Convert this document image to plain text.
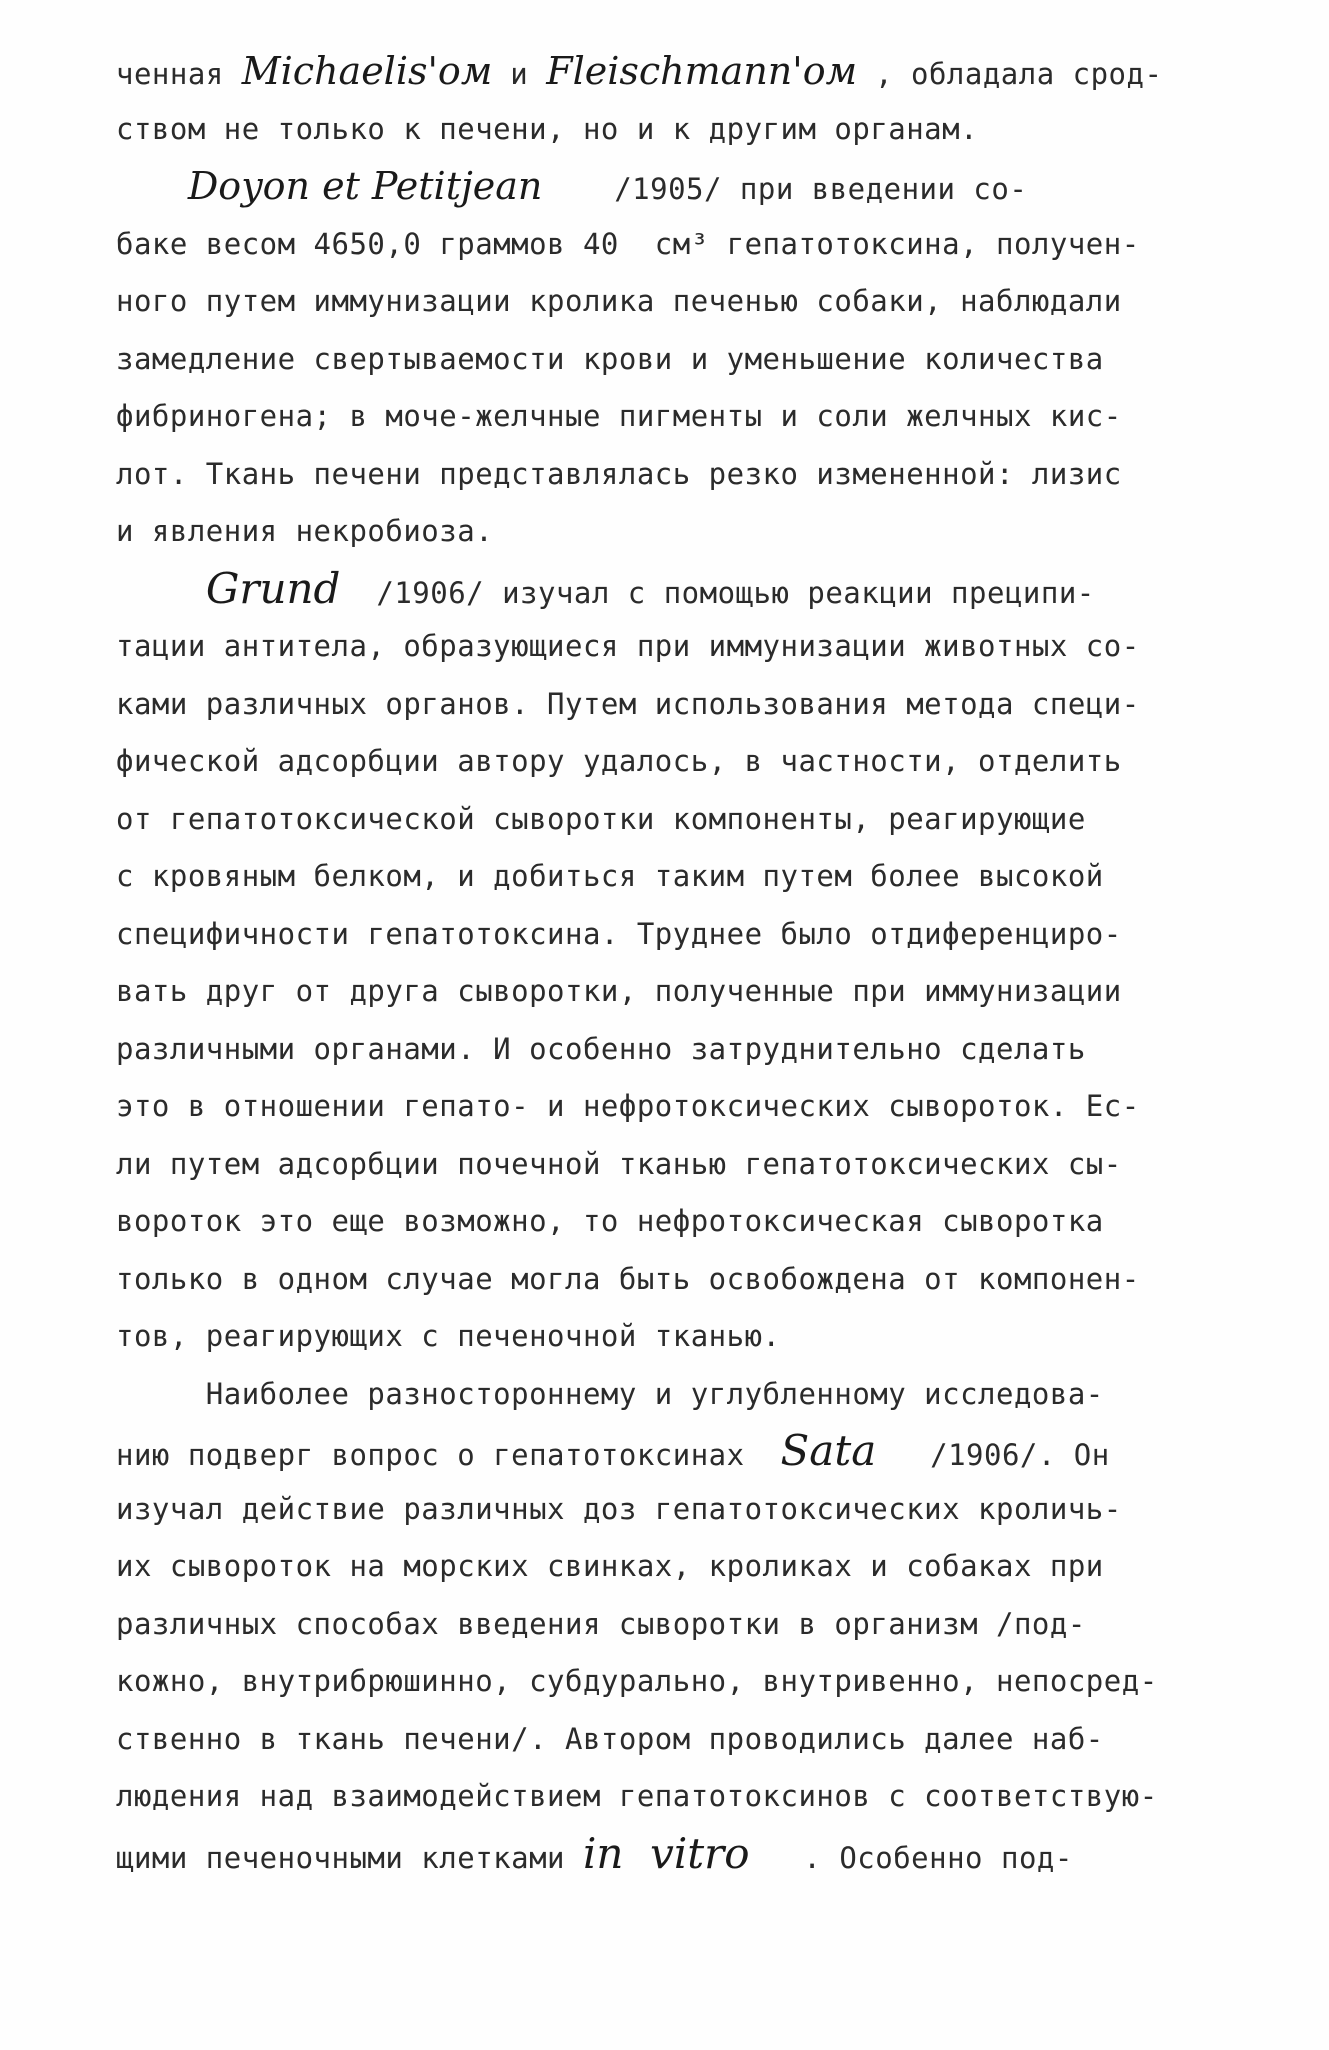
ченная Michaelis'ом и Fleischmann'ом , обладала срод-
ством не только к печени, но и к другим органам.
Doyon et Petitjean    /1905/ при введении со-
баке весом 4650,0 граммов 40  см³ гепатотоксина, получен-
ного путем иммунизации кролика печенью собаки, наблюдали
замедление свертываемости крови и уменьшение количества
фибриногена; в моче-желчные пигменты и соли желчных кис-
лот. Ткань печени представлялась резко измененной: лизис
и явления некробиоза.
Grund  /1906/ изучал с помощью реакции преципи-
тации антитела, образующиеся при иммунизации животных со-
ками различных органов. Путем использования метода специ-
фической адсорбции автору удалось, в частности, отделить
от гепатотоксической сыворотки компоненты, реагирующие
с кровяным белком, и добиться таким путем более высокой
специфичности гепатотоксина. Труднее было отдиференциро-
вать друг от друга сыворотки, полученные при иммунизации
различными органами. И особенно затруднительно сделать
это в отношении гепато- и нефротоксических сывороток. Ес-
ли путем адсорбции почечной тканью гепатотоксических сы-
вороток это еще возможно, то нефротоксическая сыворотка
только в одном случае могла быть освобождена от компонен-
тов, реагирующих с печеночной тканью.
Наиболее разностороннему и углубленному исследова-
нию подверг вопрос о гепатотоксинах  Sata   /1906/. Он
изучал действие различных доз гепатотоксических кроличь-
их сывороток на морских свинках, кроликах и собаках при
различных способах введения сыворотки в организм /под-
кожно, внутрибрюшинно, субдурально, внутривенно, непосред-
ственно в ткань печени/. Автором проводились далее наб-
людения над взаимодействием гепатотоксинов с соответствую-
щими печеночными клетками in  vitro   . Особенно под-
